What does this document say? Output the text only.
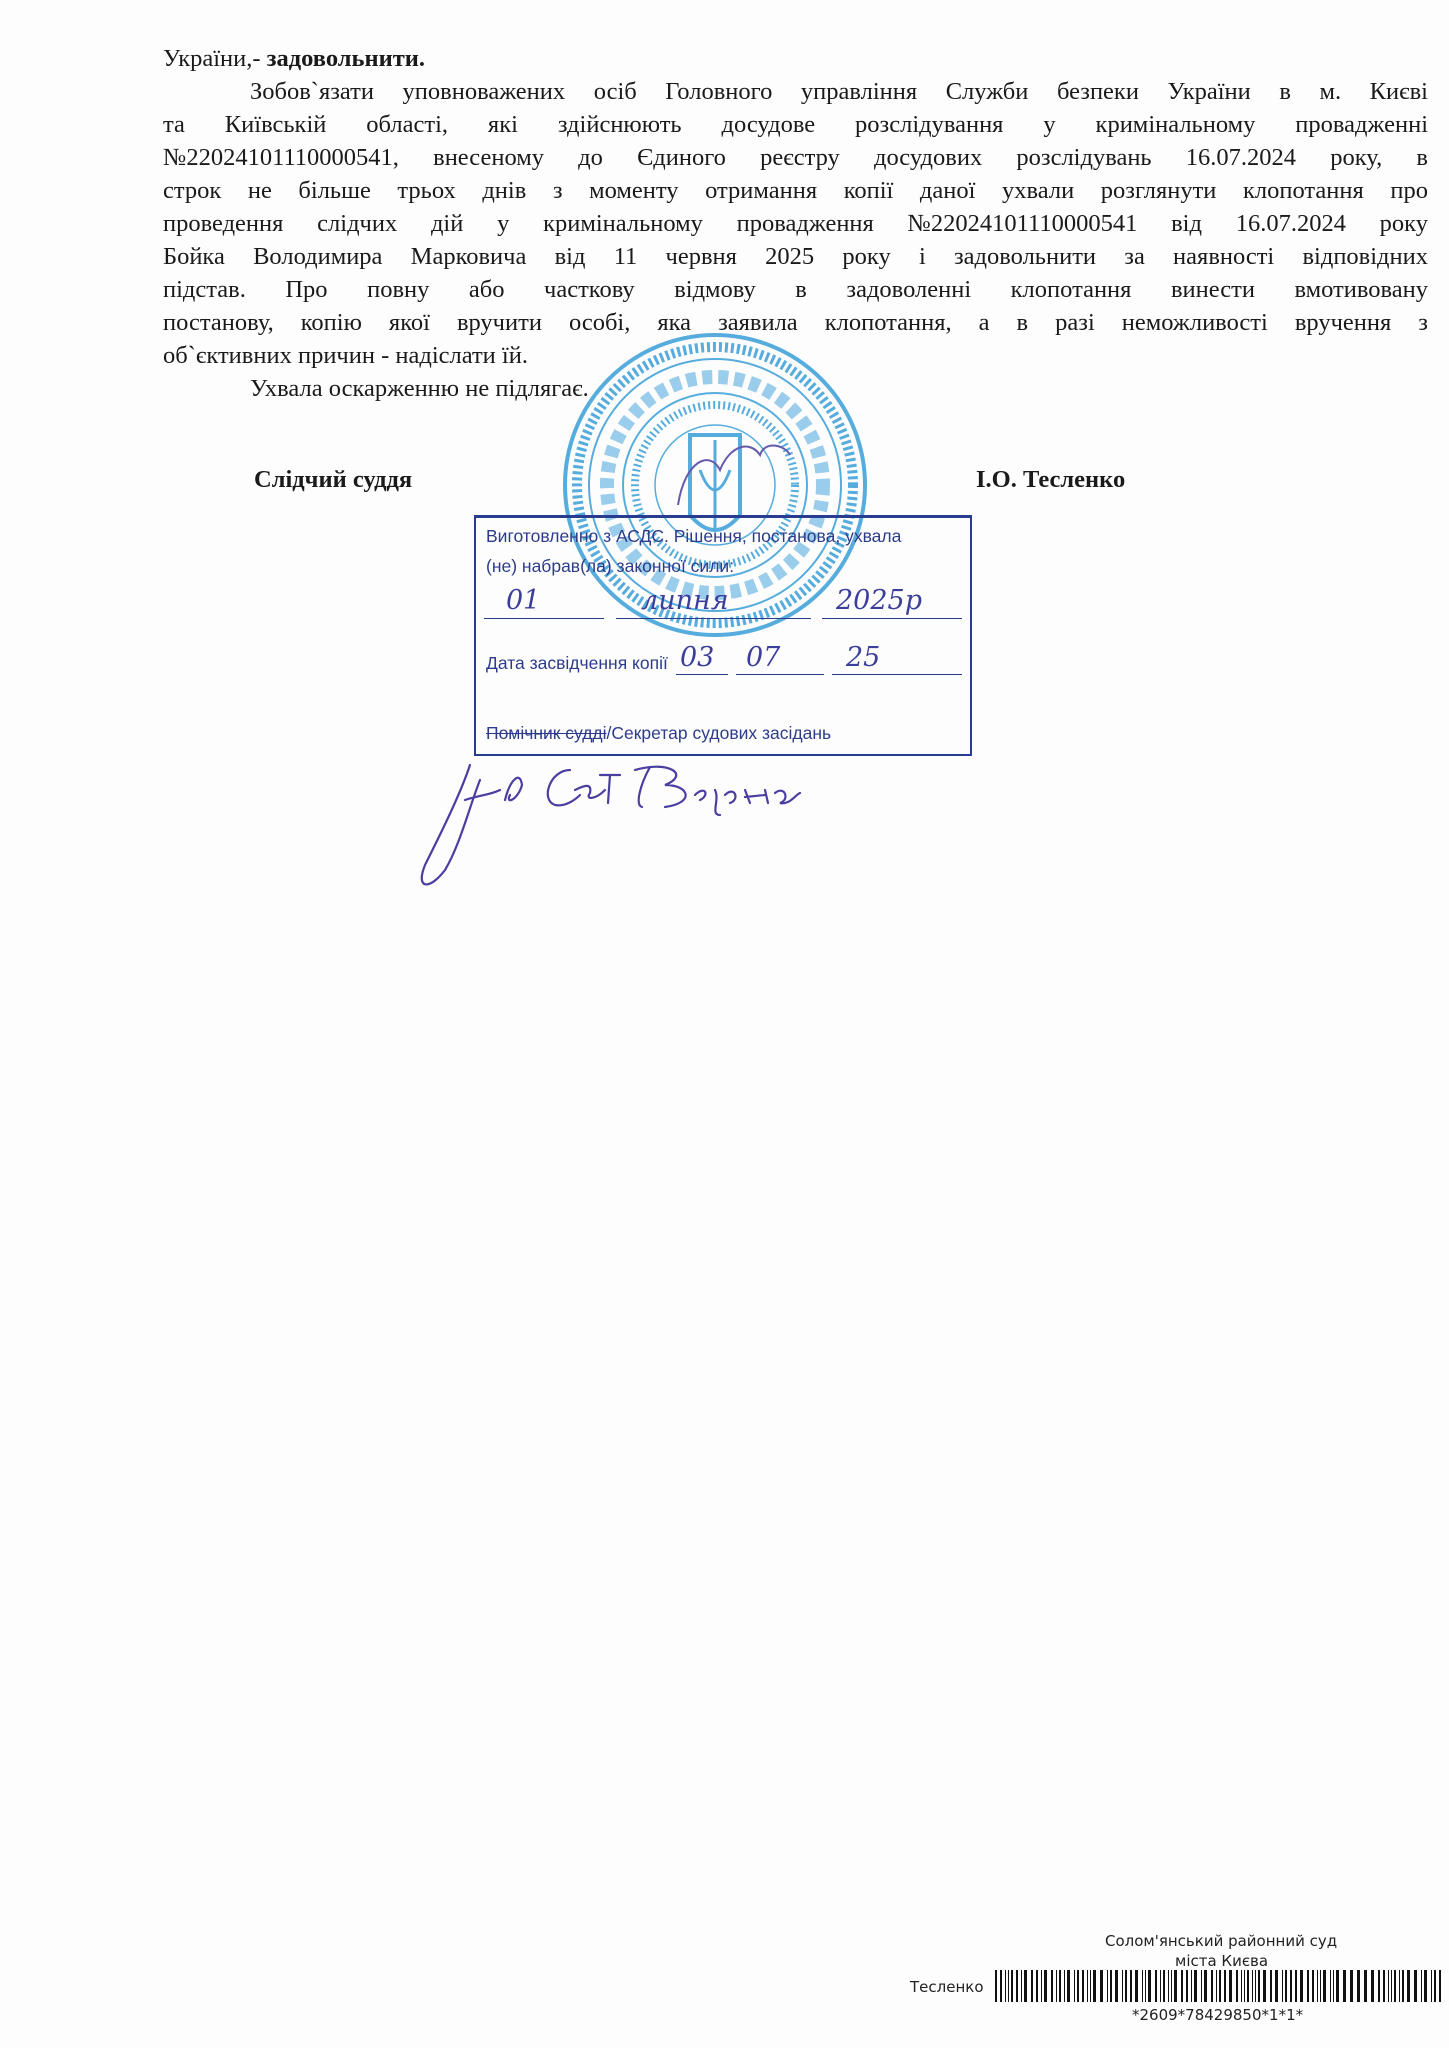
України,- задовольнити.
Зобов`язати уповноважених осіб Головного управління Служби безпеки України в м. Києві
та Київській області, які здійснюють досудове розслідування у кримінальному провадженні
№22024101110000541, внесеному до Єдиного реєстру досудових розслідувань 16.07.2024 року, в
строк не більше трьох днів з моменту отримання копії даної ухвали розглянути клопотання про
проведення слідчих дій у кримінальному провадження №22024101110000541 від 16.07.2024 року
Бойка Володимира Марковича від 11 червня 2025 року і задовольнити за наявності відповідних
підстав. Про повну або часткову відмову в задоволенні клопотання винести вмотивовану
постанову, копію якої вручити особі, яка заявила клопотання, а в разі неможливості вручення з
об`єктивних причин - надіслати їй.
Ухвала оскарженню не підлягає.
Слідчий суддя	І.О. Тесленко
Виготовленно з АСДС. Рішення, постанова, ухвала
(не) набрав(ла) законної сили:
01	липня	2025р
Дата засвідчення копії 03 07 25
Помічник судді/Секретар судових засідань
Солом'янський районний суд
міста Києва
Тесленко
*2609*78429850*1*1*
